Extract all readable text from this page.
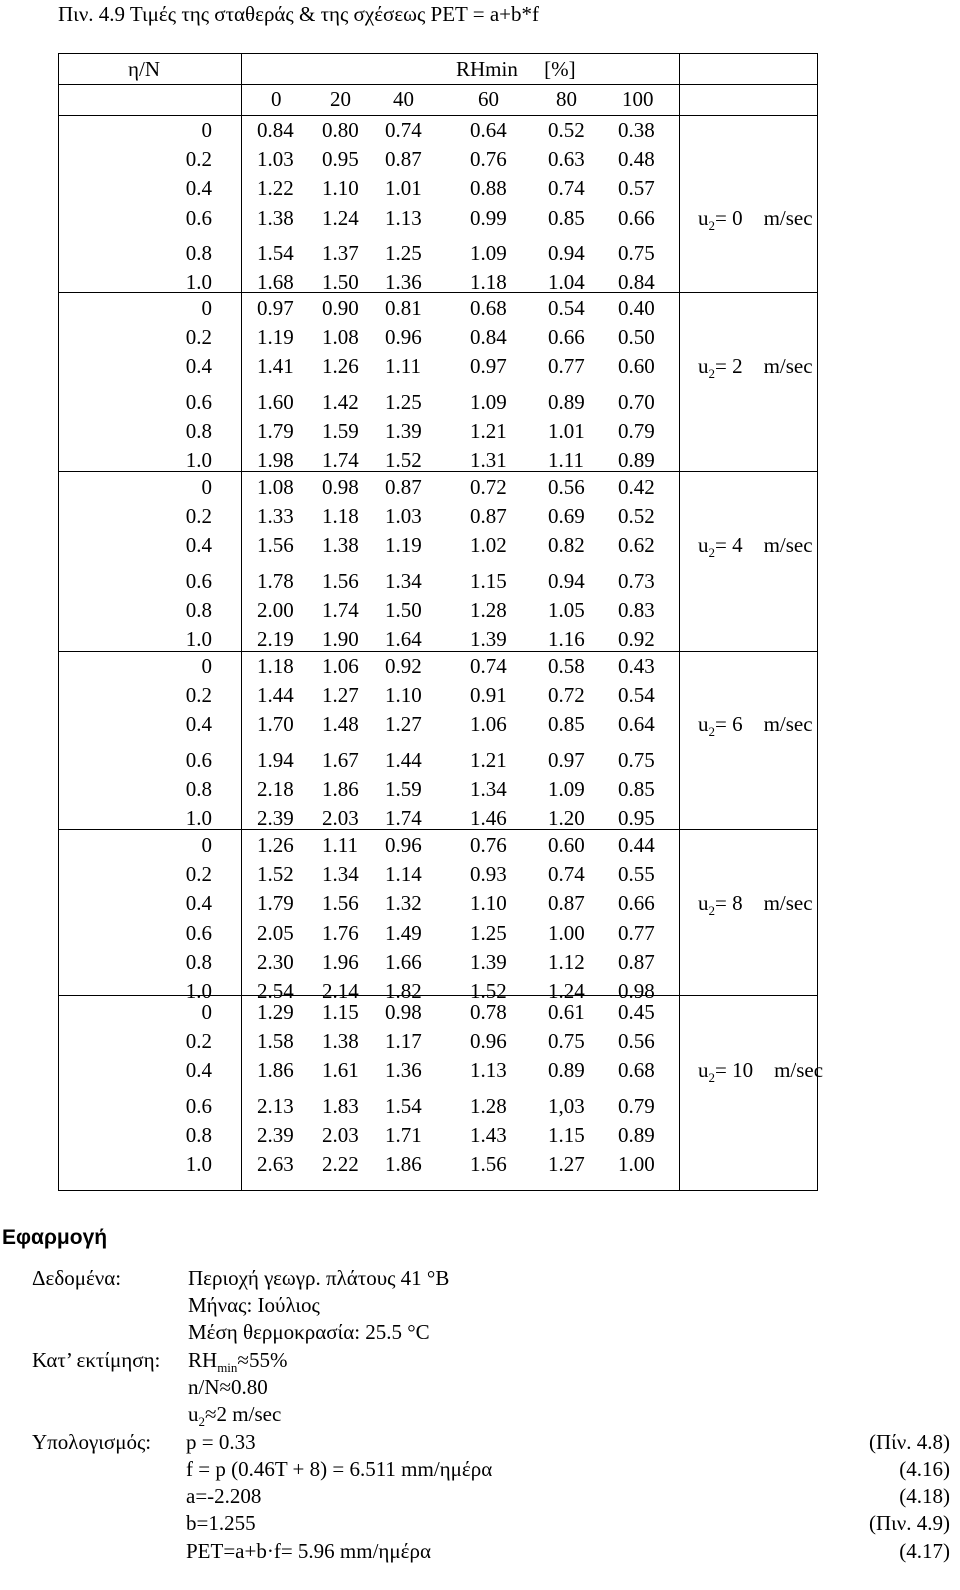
Πιν. 4.9 Τιμές της σταθεράς & της σχέσεως PET = a+b*f
η/N	RHmin     [%]
0 20 40	60	80 100
0 0.84 0.80 0.74 0.64 0.52 0.38
0.2 1.03 0.95 0.87 0.76 0.63 0.48
0.4 1.22 1.10 1.01 0.88 0.74 0.57
0.6 1.38 1.24 1.13 0.99 0.85 0.66 $u_2= 0$    m/sec
0.8 1.54 1.37 1.25 1.09 0.94 0.75
1.0 1.68 1.50 1.36 1.18 1.04 0.84
0 0.97 0.90 0.81 0.68 0.54 0.40
0.2 1.19 1.08 0.96 0.84 0.66 0.50
0.4 1.41 1.26 1.11 0.97 0.77 0.60 $u_2= 2$    m/sec
0.6 1.60 1.42 1.25 1.09 0.89 0.70
0.8 1.79 1.59 1.39 1.21 1.01 0.79
1.0 1.98 1.74 1.52 1.31 1.11 0.89
0 1.08 0.98 0.87 0.72 0.56 0.42
0.2 1.33 1.18 1.03 0.87 0.69 0.52
0.4 1.56 1.38 1.19 1.02 0.82 0.62 $u_2= 4$    m/sec
0.6 1.78 1.56 1.34 1.15 0.94 0.73
0.8 2.00 1.74 1.50 1.28 1.05 0.83
1.0 2.19 1.90 1.64 1.39 1.16 0.92
0 1.18 1.06 0.92 0.74 0.58 0.43
0.2 1.44 1.27 1.10 0.91 0.72 0.54
0.4 1.70 1.48 1.27 1.06 0.85 0.64 $u_2= 6$    m/sec
0.6 1.94 1.67 1.44 1.21 0.97 0.75
0.8 2.18 1.86 1.59 1.34 1.09 0.85
1.0 2.39 2.03 1.74 1.46 1.20 0.95
0 1.26 1.11 0.96 0.76 0.60 0.44
0.2 1.52 1.34 1.14 0.93 0.74 0.55
0.4 1.79 1.56 1.32 1.10 0.87 0.66 $u_2= 8$    m/sec
0.6 2.05 1.76 1.49 1.25 1.00 0.77
0.8 2.30 1.96 1.66 1.39 1.12 0.87
1.0 2.54 2.14 1.82 1.52 1.24 0.98
0 1.29 1.15 0.98 0.78 0.61 0.45
0.2 1.58 1.38 1.17 0.96 0.75 0.56
0.4 1.86 1.61 1.36 1.13 0.89 0.68 $u_2= 10$    m/sec
0.6 2.13 1.83 1.54 1.28 1,03 0.79
0.8 2.39 2.03 1.71 1.43 1.15 0.89
1.0 2.63 2.22 1.86 1.56 1.27 1.00
Εφαρμογή
Δεδομένα:	Περιοχή γεωγρ. πλάτους 41 °Β
Μήνας: Ιούλιος
Μέση θερμοκρασία: 25.5 °C
Κατ’ εκτίμηση: $RH_{min}\approx 55\%$
n/N≈0.80
$u_2\approx 2$ m/sec
Υπολογισμός: p = 0.33	(Πίν. 4.8)
f = p (0.46T + 8) = 6.511 mm/ημέρα	(4.16)
a=-2.208	(4.18)
b=1.255	(Πιν. 4.9)
PET=a+b·f= 5.96 mm/ημέρα	(4.17)
